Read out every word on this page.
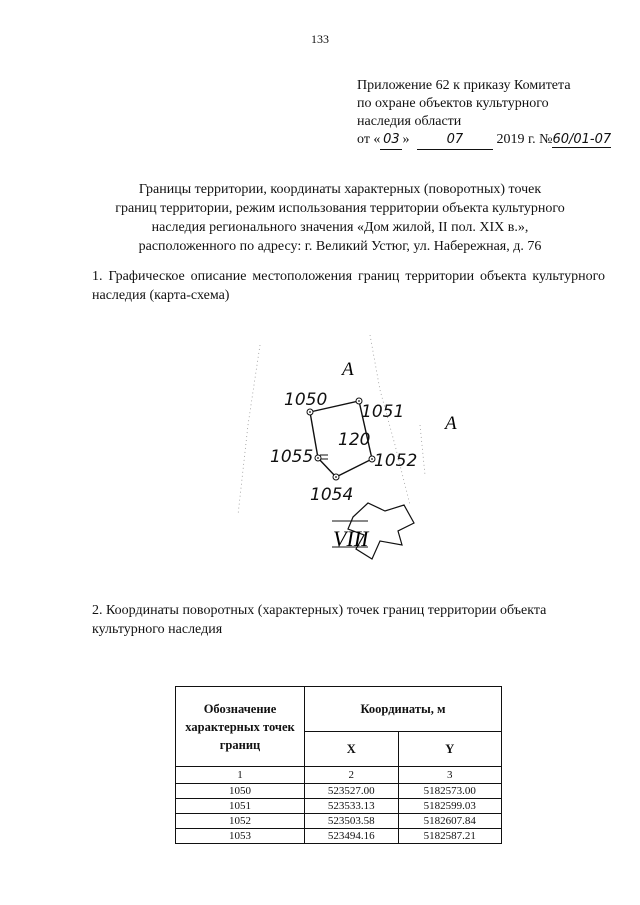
133
Приложение 62 к приказу Комитета
по охране объектов культурного
наследия области
от « 03 »	07 2019 г. №60/01-07
Границы территории, координаты характерных (поворотных) точек
границ территории, режим использования территории объекта культурного
наследия регионального значения «Дом жилой, II пол. XIX в.»,
расположенного по адресу: г. Великий Устюг, ул. Набережная, д. 76
1. Графическое описание местоположения границ территории объекта культурного наследия (карта-схема)
А
А
1050
1051
1052
1054
1055
120
VIII
2. Координаты поворотных (характерных) точек границ территории объекта культурного наследия
Обозначение характерных точек границ	Координаты, м	
	X	Y
1	2	3
1050	523527.00	5182573.00
1051	523533.13	5182599.03
1052	523503.58	5182607.84
1053	523494.16	5182587.21
